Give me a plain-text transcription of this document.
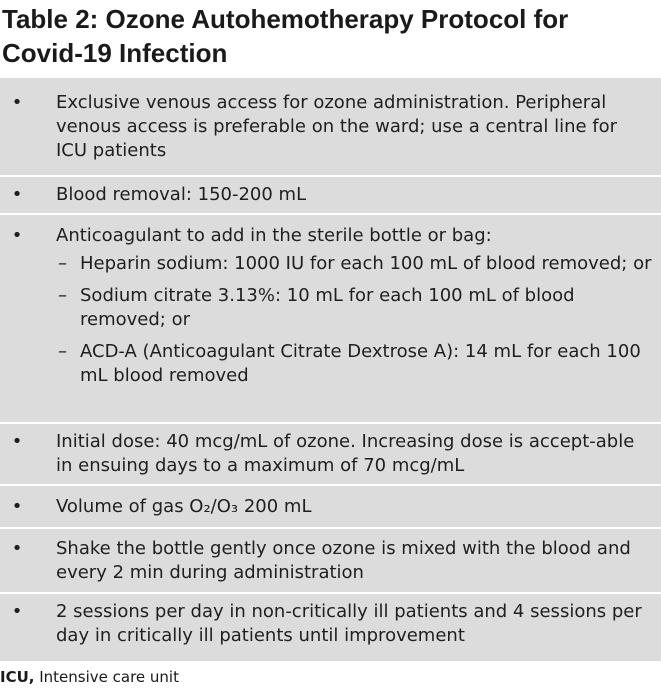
Table 2: Ozone Autohemotherapy Protocol for Covid-19 Infection
• Exclusive venous access for ozone administration. Peripheral venous access is preferable on the ward; use a central line for ICU patients
• Blood removal: 150-200 mL
• Anticoagulant to add in the sterile bottle or bag:
– Heparin sodium: 1000 IU for each 100 mL of blood removed; or
– Sodium citrate 3.13%: 10 mL for each 100 mL of blood removed; or
– ACD-A (Anticoagulant Citrate Dextrose A): 14 mL for each 100 mL blood removed
• Initial dose: 40 mcg/mL of ozone. Increasing dose is accept-able in ensuing days to a maximum of 70 mcg/mL
• Volume of gas O₂/O₃ 200 mL
• Shake the bottle gently once ozone is mixed with the blood and every 2 min during administration
• 2 sessions per day in non-critically ill patients and 4 sessions per day in critically ill patients until improvement
ICU, Intensive care unit
